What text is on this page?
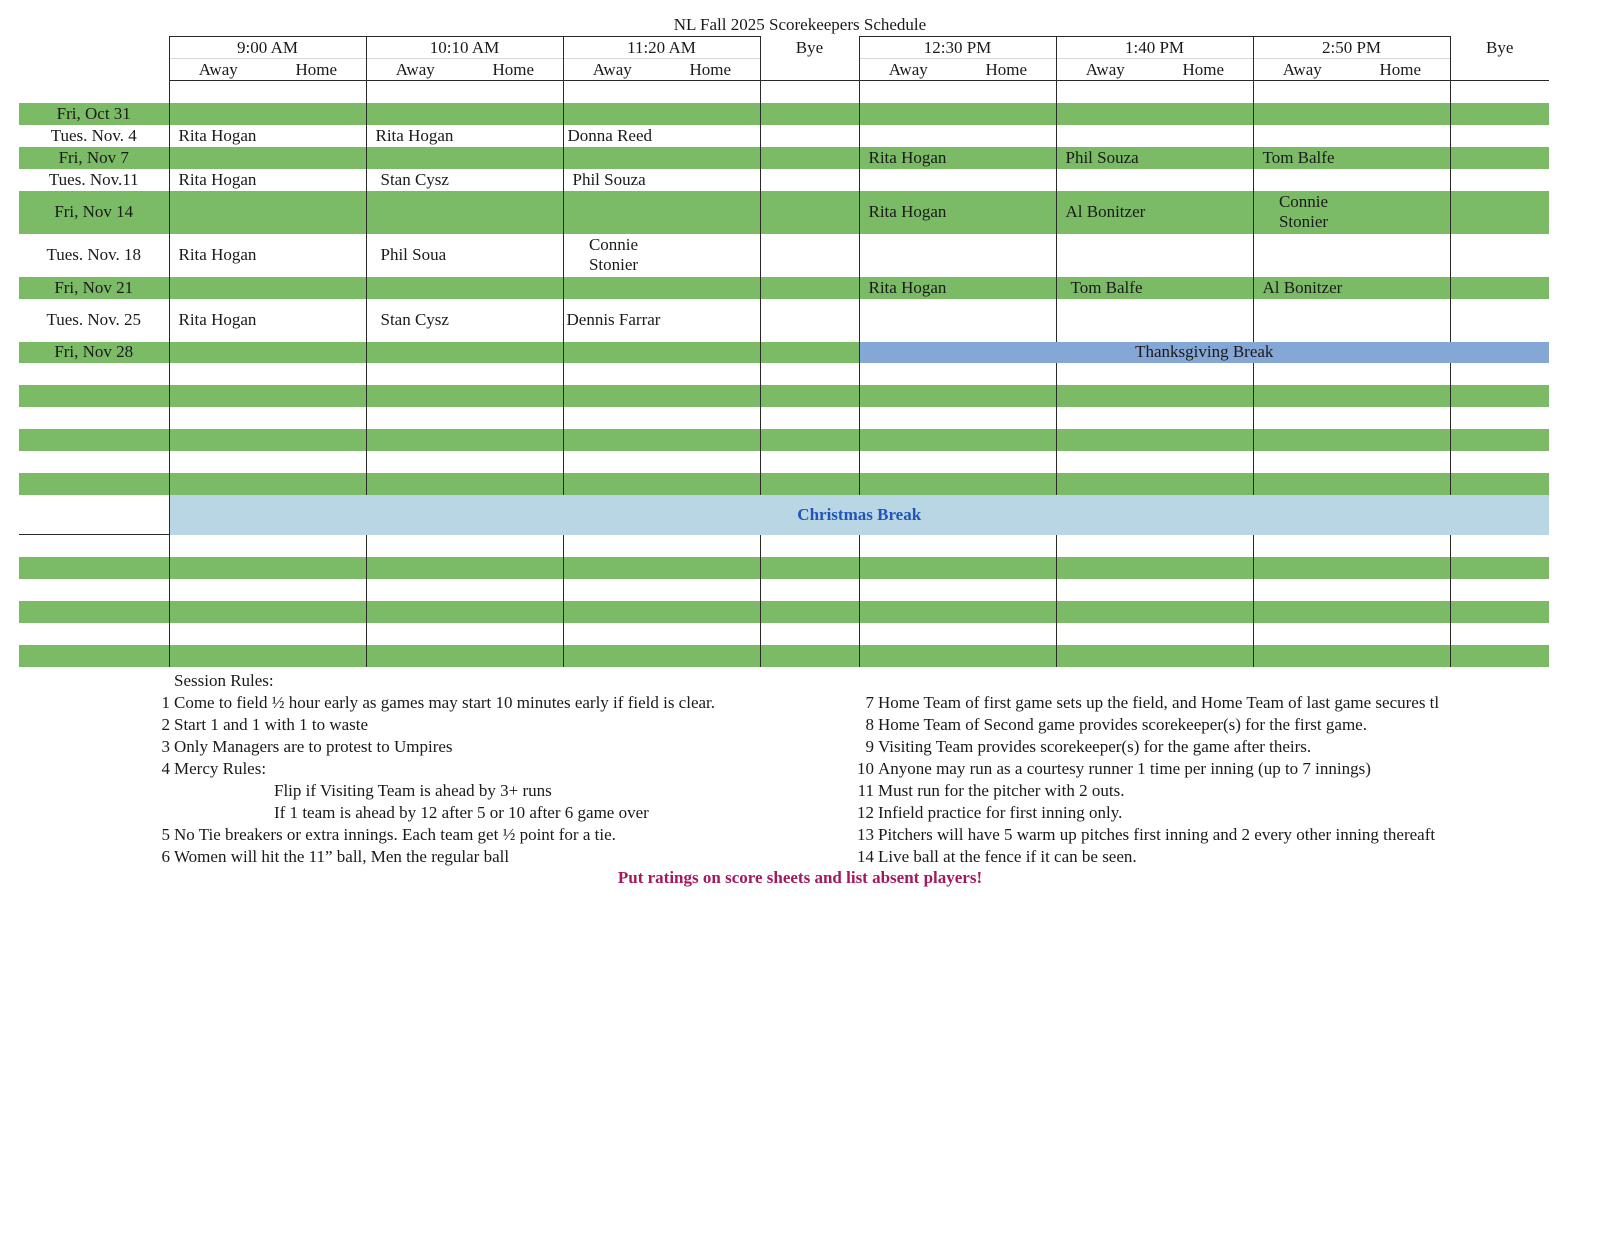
NL Fall 2025 Scorekeepers Schedule
	9:00 AM		10:10 AM		11:20 AM		Bye	12:30 PM		1:40 PM		2:50 PM		Bye
	Away	Home	Away	Home	Away	Home		Away	Home	Away	Home	Away	Home	

Fri, Oct 31														
Tues. Nov. 4	Rita Hogan		Rita Hogan		Donna Reed									
Fri, Nov 7								Rita Hogan		Phil Souza		Tom Balfe		
Tues. Nov.11	Rita Hogan		Stan Cysz		Phil Souza									
Fri, Nov 14								Rita Hogan		Al Bonitzer		Connie Stonier		

Tues. Nov. 18	Rita Hogan		Phil Soua		Connie Stonier									

Fri, Nov 21								Rita Hogan		Tom Balfe		Al Bonitzer		
Tues. Nov. 25	Rita Hogan		Stan Cysz		Dennis Farrar									

Fri, Nov 28								Thanksgiving Break						

	Christmas Break													

Session Rules:
1 Come to field ½ hour early as games may start 10 minutes early if field is clear.
2 Start 1 and 1 with 1 to waste
3 Only Managers are to protest to Umpires
4 Mercy Rules:
Flip if Visiting Team is ahead by 3+ runs
If 1 team is ahead by 12 after 5 or 10 after 6 game over
5 No Tie breakers or extra innings. Each team get ½ point for a tie.
6 Women will hit the 11” ball, Men the regular ball
Home Team of first game sets up the field, and Home Team of last game secures tl
Home Team of Second game provides scorekeeper(s) for the first game.
Visiting Team provides scorekeeper(s) for the game after theirs.
Anyone may run as a courtesy runner 1 time per inning (up to 7 innings)
Must run for the pitcher with 2 outs.
Infield practice for first inning only.
Pitchers will have 5 warm up pitches first inning and 2 every other inning thereaft
Live ball at the fence if it can be seen.
7
8
9
10
11
12
13
14
Put ratings on score sheets and list absent players!
